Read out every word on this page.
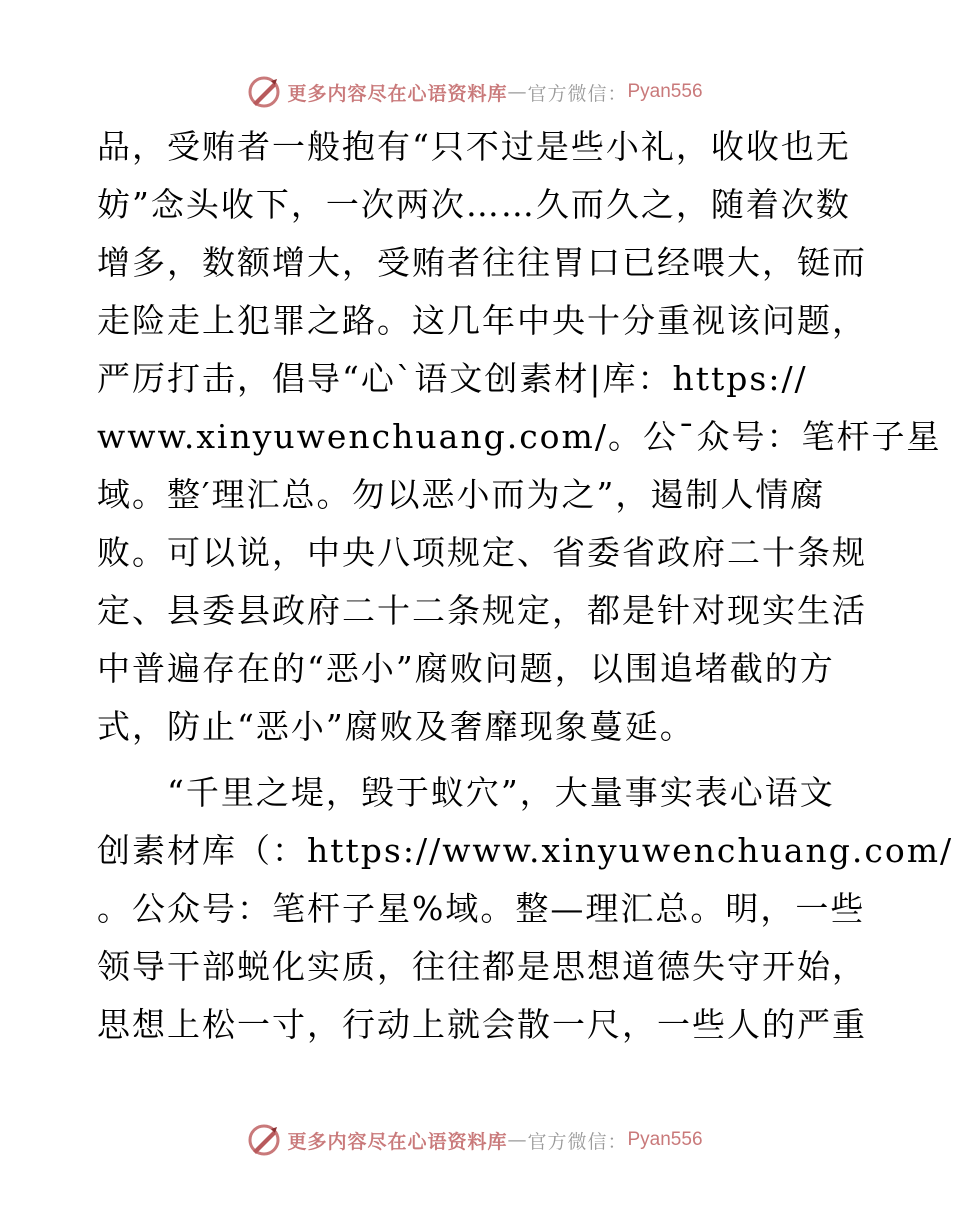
更多内容尽在心语资料库 — 官方微信： Pyan556
品，受贿者一般抱有“只不过是些小礼，收收也无
妨”念头收下，一次两次……久而久之，随着次数
增多，数额增大，受贿者往往胃口已经喂大，铤而
走险走上犯罪之路。这几年中央十分重视该问题，
严厉打击，倡导“心`语文创素材|库：https://
www.xinyuwenchuang.com/。公¯众号：笔杆子星
域。整′理汇总。勿以恶小而为之”，遏制人情腐
败。可以说，中央八项规定、省委省政府二十条规
定、县委县政府二十二条规定，都是针对现实生活
中普遍存在的“恶小”腐败问题，以围追堵截的方
式，防止“恶小”腐败及奢靡现象蔓延。
　　“千里之堤，毁于蚁穴”，大量事实表心语文
创素材库（：https://www.xinyuwenchuang.com/
。公众号：笔杆子星%域。整—理汇总。明，一些
领导干部蜕化实质，往往都是思想道德失守开始，
思想上松一寸，行动上就会散一尺，一些人的严重
更多内容尽在心语资料库 — 官方微信： Pyan556
